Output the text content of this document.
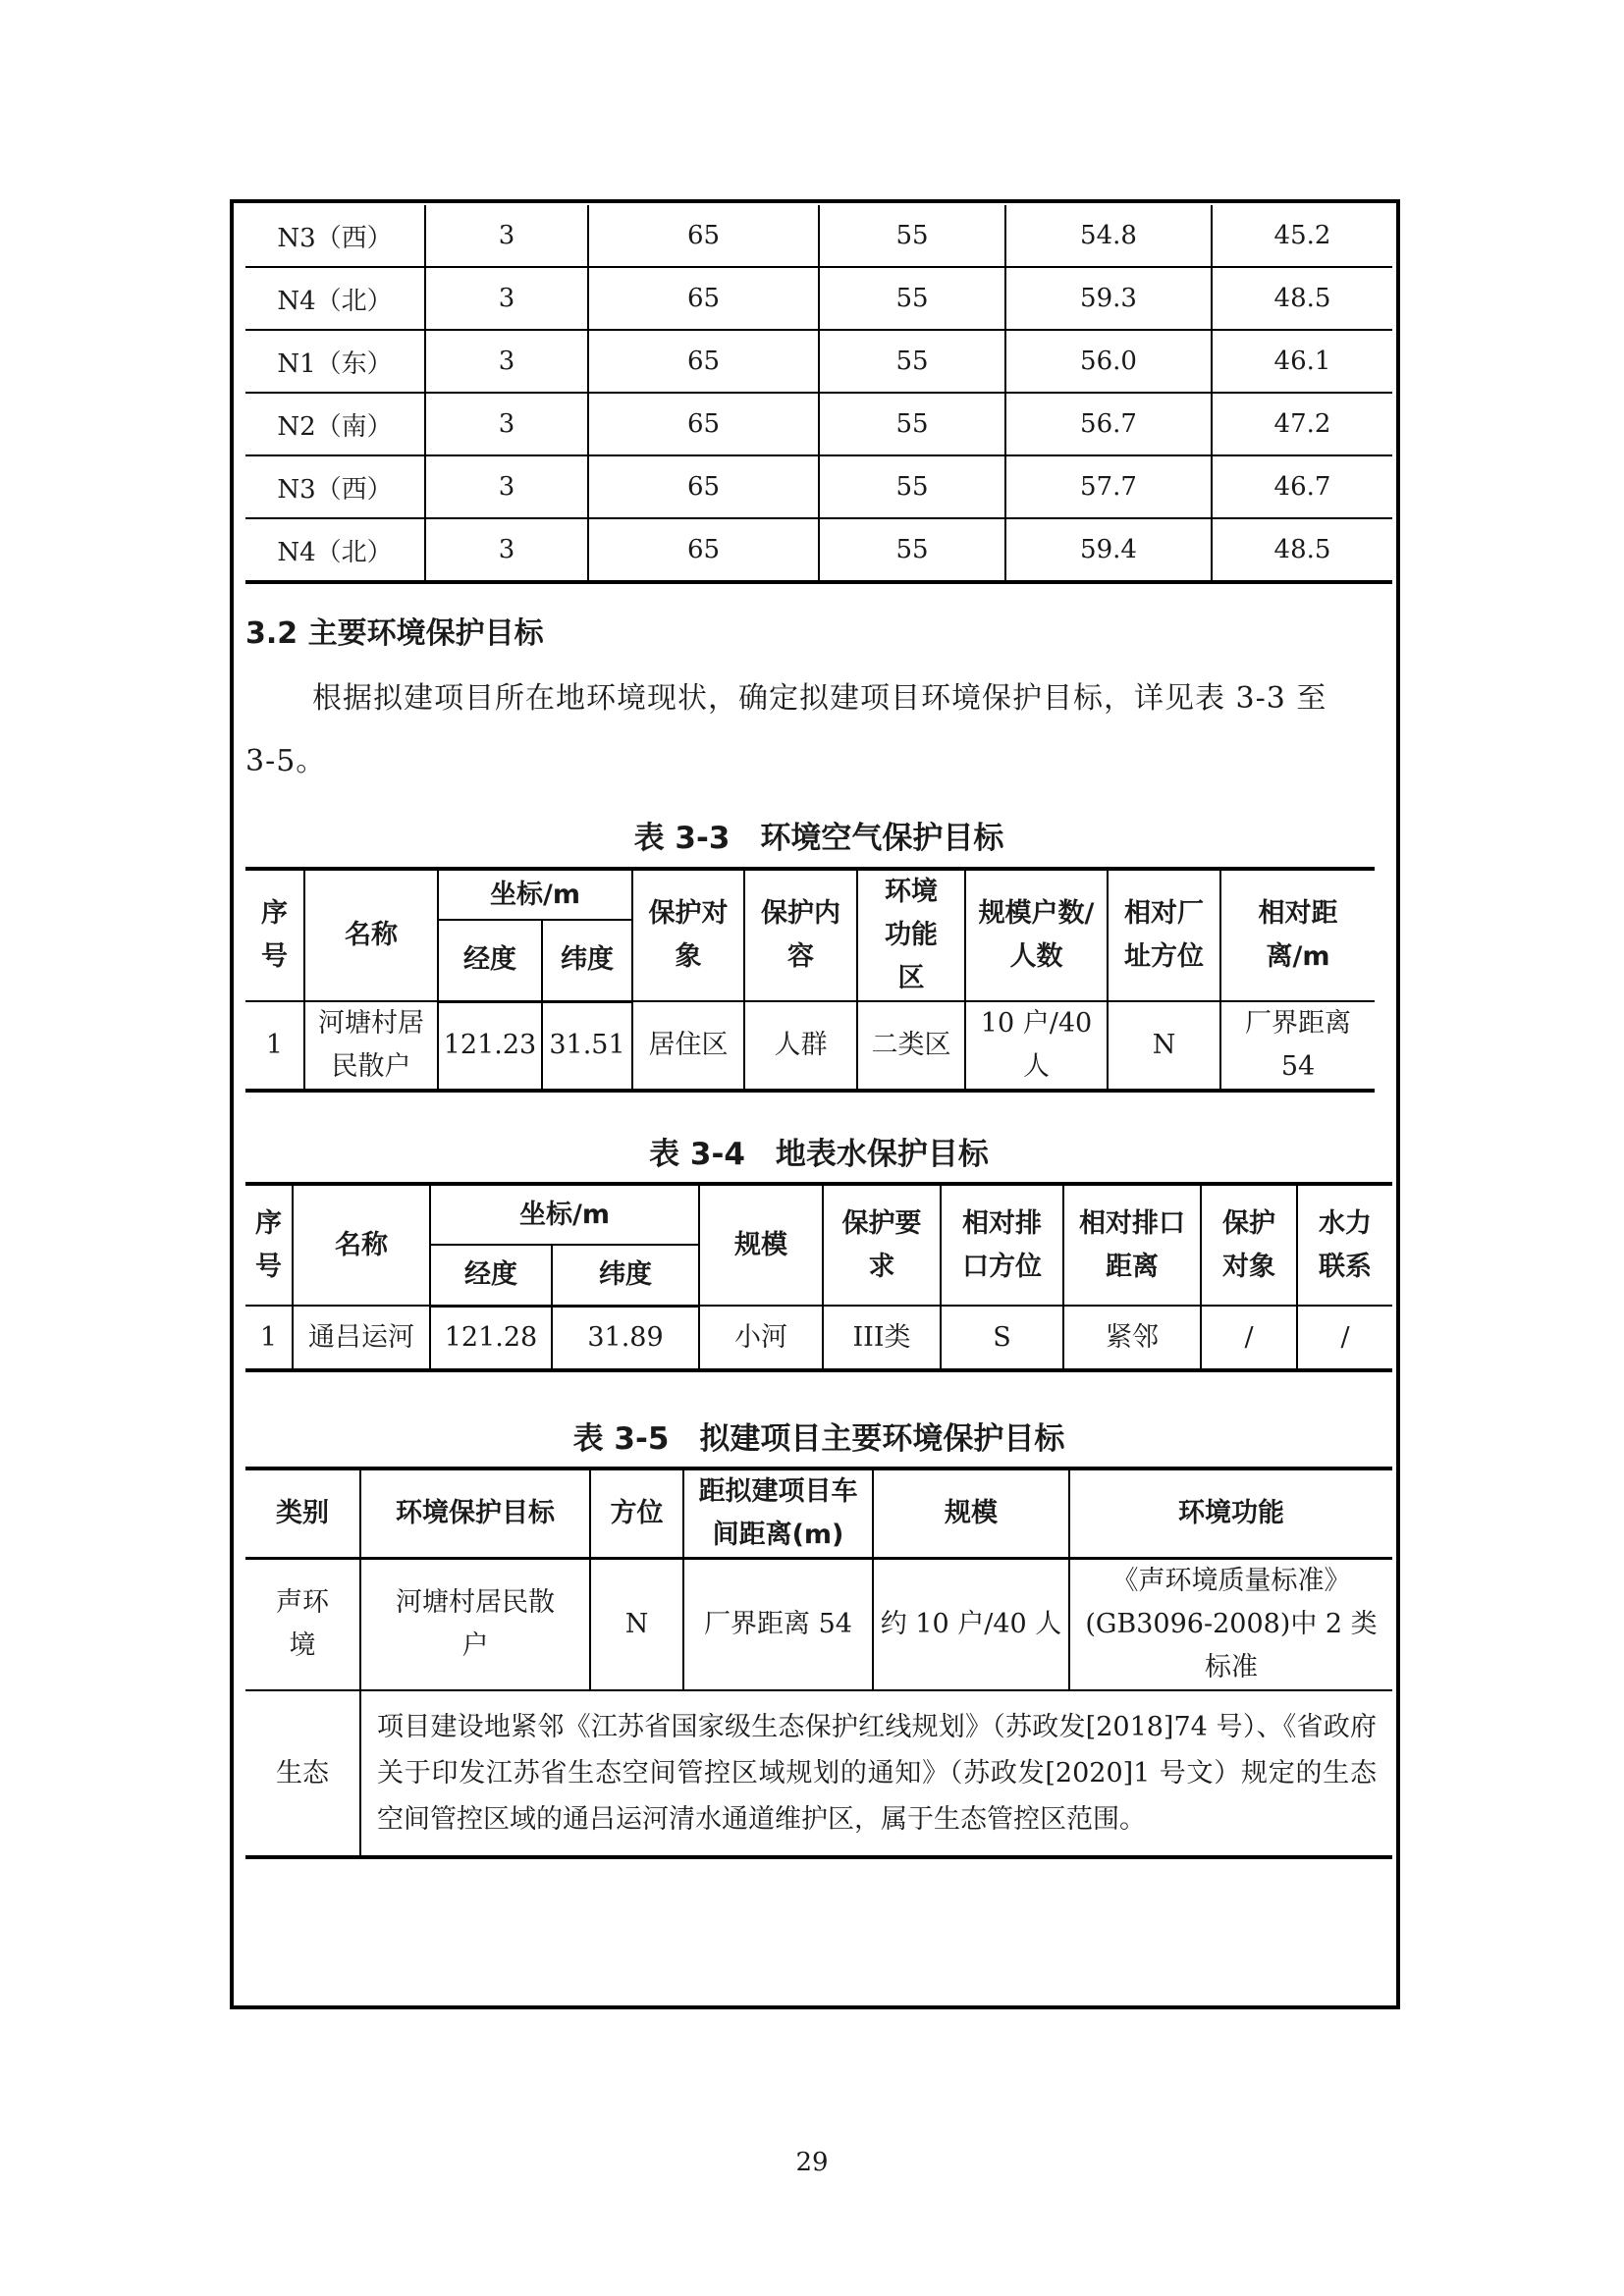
N3（西）	3	65	55	54.8	45.2
N4（北）	3	65	55	59.3	48.5
N1（东）	3	65	55	56.0	46.1
N2（南）	3	65	55	56.7	47.2
N3（西）	3	65	55	57.7	46.7
N4（北）	3	65	55	59.4	48.5
3.2 主要环境保护目标
根据拟建项目所在地环境现状，确定拟建项目环境保护目标，详见表 3-3 至 3-5。
表 3-3　环境空气保护目标
序号	名称	坐标/m		保护对象	保护内容	环境功能区	规模户数/人数	相对厂址方位	相对距离/m
		经度	纬度						
1	河塘村居民散户	121.23	31.51	居住区	人群	二类区	10 户/40 人	N	厂界距离 54
表 3-4　地表水保护目标
序号	名称	坐标/m		规模	保护要求	相对排口方位	相对排口距离	保护对象	水力联系
		经度	纬度						
1	通吕运河	121.28	31.89	小河	III类	S	紧邻	/	/
表 3-5　拟建项目主要环境保护目标
类别	环境保护目标	方位	距拟建项目车间距离(m)	规模	环境功能
声环境	河塘村居民散户	N	厂界距离 54	约 10 户/40 人	《声环境质量标准》(GB3096-2008)中 2 类标准
生态	项目建设地紧邻《江苏省国家级生态保护红线规划》（苏政发[2018]74 号）、《省政府关于印发江苏省生态空间管控区域规划的通知》（苏政发[2020]1 号文）规定的生态空间管控区域的通吕运河清水通道维护区，属于生态管控区范围。				
29
